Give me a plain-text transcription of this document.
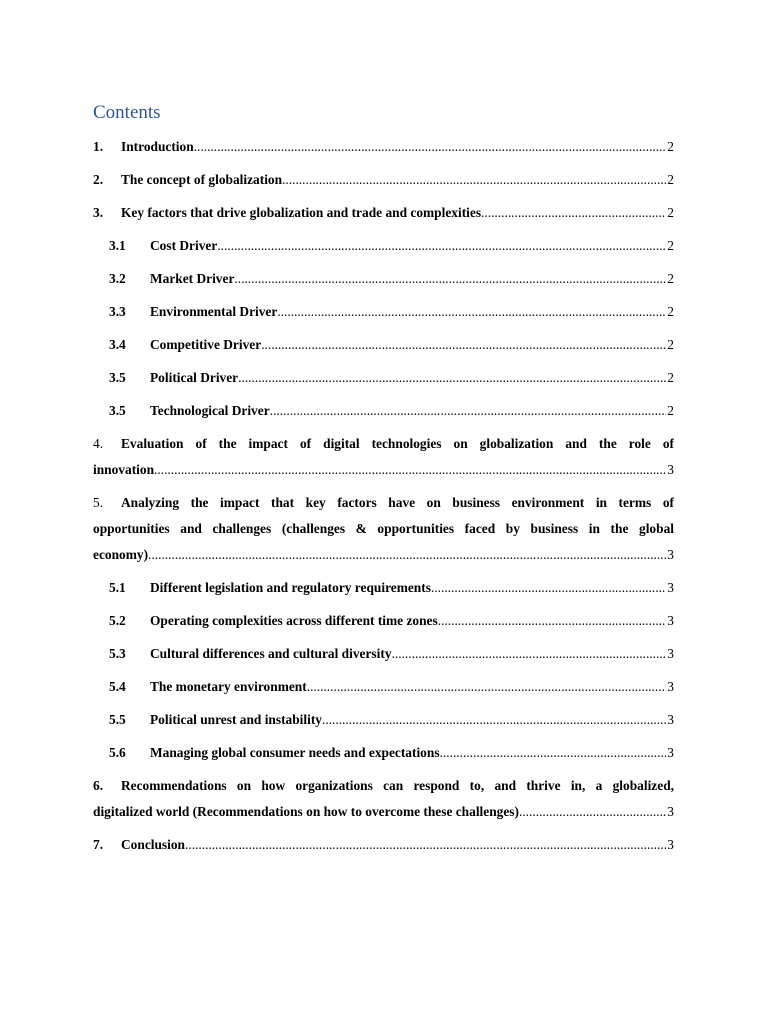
Contents
1. Introduction .....	2
2. The concept of globalization .....	2
3. Key factors that drive globalization and trade and complexities .....	2
3.1 Cost Driver .....	2
3.2 Market Driver .....	2
3.3 Environmental Driver .....	2
3.4 Competitive Driver .....	2
3.5 Political Driver .....	2
3.5 Technological Driver .....	2
4. Evaluation of the impact of digital technologies on globalization and the role of
innovation .....	3
5. Analyzing the impact that key factors have on business environment in terms of
opportunities and challenges (challenges & opportunities faced by business in the global
economy) .....	3
5.1 Different legislation and regulatory requirements .....	3
5.2 Operating complexities across different time zones .....	3
5.3 Cultural differences and cultural diversity .....	3
5.4 The monetary environment .....	3
5.5 Political unrest and instability .....	3
5.6 Managing global consumer needs and expectations .....	3
6. Recommendations on how organizations can respond to, and thrive in, a globalized,
digitalized world (Recommendations on how to overcome these challenges) .....	3
7. Conclusion .....	3
